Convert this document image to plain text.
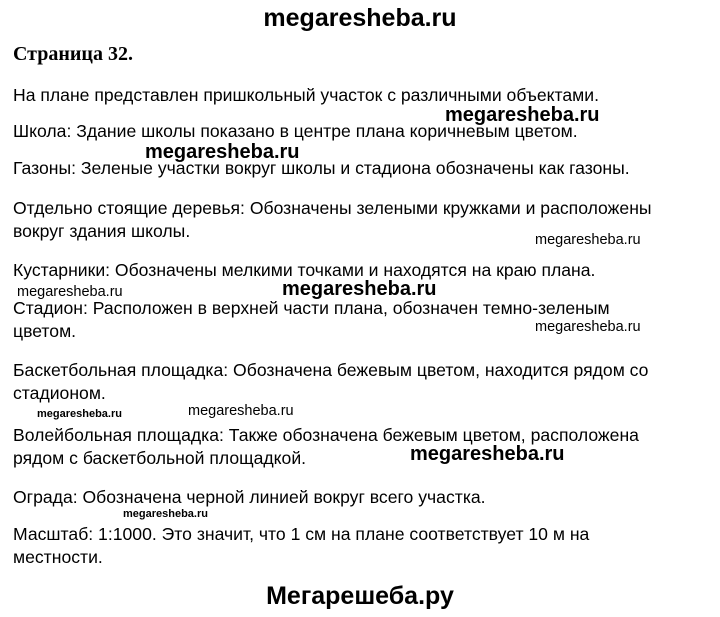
megaresheba.ru
Страница 32.
На плане представлен пришкольный участок с различными объектами.
Школа: Здание школы показано в центре плана коричневым цветом.
Газоны: Зеленые участки вокруг школы и стадиона обозначены как газоны.
Отдельно стоящие деревья: Обозначены зелеными кружками и расположены
вокруг здания школы.
Кустарники: Обозначены мелкими точками и находятся на краю плана.
Стадион: Расположен в верхней части плана, обозначен темно-зеленым
цветом.
Баскетбольная площадка: Обозначена бежевым цветом, находится рядом со
стадионом.
Волейбольная площадка: Также обозначена бежевым цветом, расположена
рядом с баскетбольной площадкой.
Ограда: Обозначена черной линией вокруг всего участка.
Масштаб: 1:1000. Это значит, что 1 см на плане соответствует 10 м на
местности.
megaresheba.ru
megaresheba.ru
megaresheba.ru
megaresheba.ru
megaresheba.ru
megaresheba.ru
megaresheba.ru	megaresheba.ru
megaresheba.ru
megaresheba.ru
Мегарешеба.ру
